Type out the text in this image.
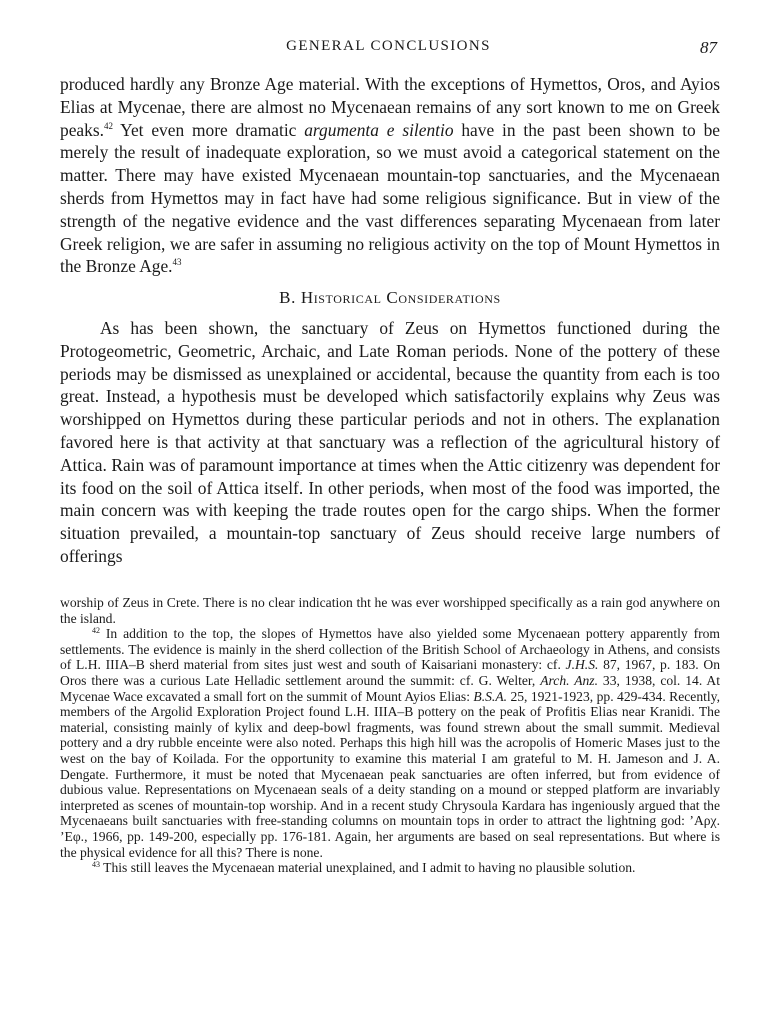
GENERAL CONCLUSIONS	87

produced hardly any Bronze Age material. With the exceptions of Hymettos, Oros, and Ayios Elias at Mycenae, there are almost no Mycenaean remains of any sort known to me on Greek peaks.$^{42}$ Yet even more dramatic argumenta e silentio have in the past been shown to be merely the result of inadequate exploration, so we must avoid a categorical statement on the matter. There may have existed Mycenaean mountain-top sanctuaries, and the Mycenaean sherds from Hymettos may in fact have had some religious significance. But in view of the strength of the negative evidence and the vast differences separating Mycenaean from later Greek religion, we are safer in assuming no religious activity on the top of Mount Hymettos in the Bronze Age.$^{43}$

B. Historical Considerations

As has been shown, the sanctuary of Zeus on Hymettos functioned during the Protogeometric, Geometric, Archaic, and Late Roman periods. None of the pottery of these periods may be dismissed as unexplained or accidental, because the quantity from each is too great. Instead, a hypothesis must be developed which satisfactorily explains why Zeus was worshipped on Hymettos during these particular periods and not in others. The explanation favored here is that activity at that sanctuary was a reflection of the agricultural history of Attica. Rain was of paramount importance at times when the Attic citizenry was dependent for its food on the soil of Attica itself. In other periods, when most of the food was imported, the main concern was with keeping the trade routes open for the cargo ships. When the former situation prevailed, a mountain-top sanctuary of Zeus should receive large numbers of offerings

worship of Zeus in Crete. There is no clear indication tht he was ever worshipped specifically as a rain god anywhere on the island.

$^{42}$ In addition to the top, the slopes of Hymettos have also yielded some Mycenaean pottery apparently from settlements. The evidence is mainly in the sherd collection of the British School of Archaeology in Athens, and consists of L.H. IIIA–B sherd material from sites just west and south of Kaisariani monastery: cf. J.H.S. 87, 1967, p. 183. On Oros there was a curious Late Helladic settlement around the summit: cf. G. Welter, Arch. Anz. 33, 1938, col. 14. At Mycenae Wace excavated a small fort on the summit of Mount Ayios Elias: B.S.A. 25, 1921-1923, pp. 429-434. Recently, members of the Argolid Exploration Project found L.H. IIIA–B pottery on the peak of Profitis Elias near Kranidi. The material, consisting mainly of kylix and deep-bowl fragments, was found strewn about the small summit. Medieval pottery and a dry rubble enceinte were also noted. Perhaps this high hill was the acropolis of Homeric Mases just to the west on the bay of Koilada. For the opportunity to examine this material I am grateful to M. H. Jameson and J. A. Dengate. Furthermore, it must be noted that Mycenaean peak sanctuaries are often inferred, but from evidence of dubious value. Representations on Mycenaean seals of a deity standing on a mound or stepped platform are invariably interpreted as scenes of mountain-top worship. And in a recent study Chrysoula Kardara has ingeniously argued that the Mycenaeans built sanctuaries with free-standing columns on mountain tops in order to attract the lightning god: ’Αρχ. ’Εφ., 1966, pp. 149-200, especially pp. 176-181. Again, her arguments are based on seal representations. But where is the physical evidence for all this? There is none.

$^{43}$ This still leaves the Mycenaean material unexplained, and I admit to having no plausible solution.
